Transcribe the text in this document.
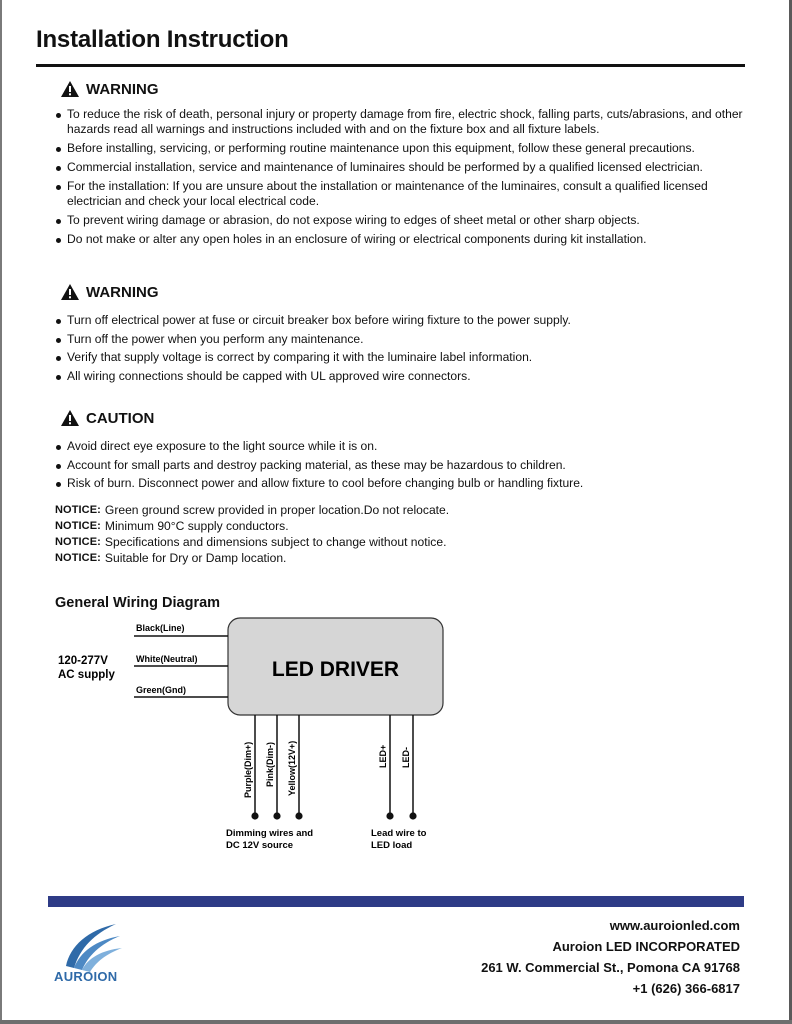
Installation Instruction
WARNING
To reduce the risk of death, personal injury or property damage from fire, electric shock, falling parts, cuts/abrasions, and other hazards read all warnings and instructions included with and on the fixture box and all fixture labels.
Before installing, servicing, or performing routine maintenance upon this equipment, follow these general precautions.
Commercial installation, service and maintenance of luminaires should be performed by a qualified licensed electrician.
For the installation: If you are unsure about the installation or maintenance of the luminaires, consult a qualified licensed electrician and check your local electrical code.
To prevent wiring damage or abrasion, do not expose wiring to edges of sheet metal or other sharp objects.
Do not make or alter any open holes in an enclosure of wiring or electrical components during kit installation.
WARNING
Turn off electrical power at fuse or circuit breaker box before wiring fixture to the power supply.
Turn off the power when you perform any maintenance.
Verify that supply voltage is correct by comparing it with the luminaire label information.
All wiring connections should be capped with UL approved wire connectors.
CAUTION
Avoid direct eye exposure to the light source while it is on.
Account for small parts and destroy packing material, as these may be hazardous to children.
Risk of burn. Disconnect power and allow fixture to cool before changing bulb or handling fixture.
NOTICE: Green ground screw provided in proper location.Do not relocate.
NOTICE: Minimum 90°C supply conductors.
NOTICE: Specifications and dimensions subject to change without notice.
NOTICE: Suitable for Dry or Damp location.
General Wiring Diagram
LED DRIVER
Black(Line)
White(Neutral)
Green(Gnd)
120-277V
AC supply
Purple(Dim+) Pink(Dim-) Yellow(12V+)	LED+ LED-
Dimming wires and
DC 12V source
Lead wire to
LED load
AUROION
www.auroionled.com
Auroion LED INCORPORATED
261 W. Commercial St., Pomona CA 91768
+1 (626) 366-6817
